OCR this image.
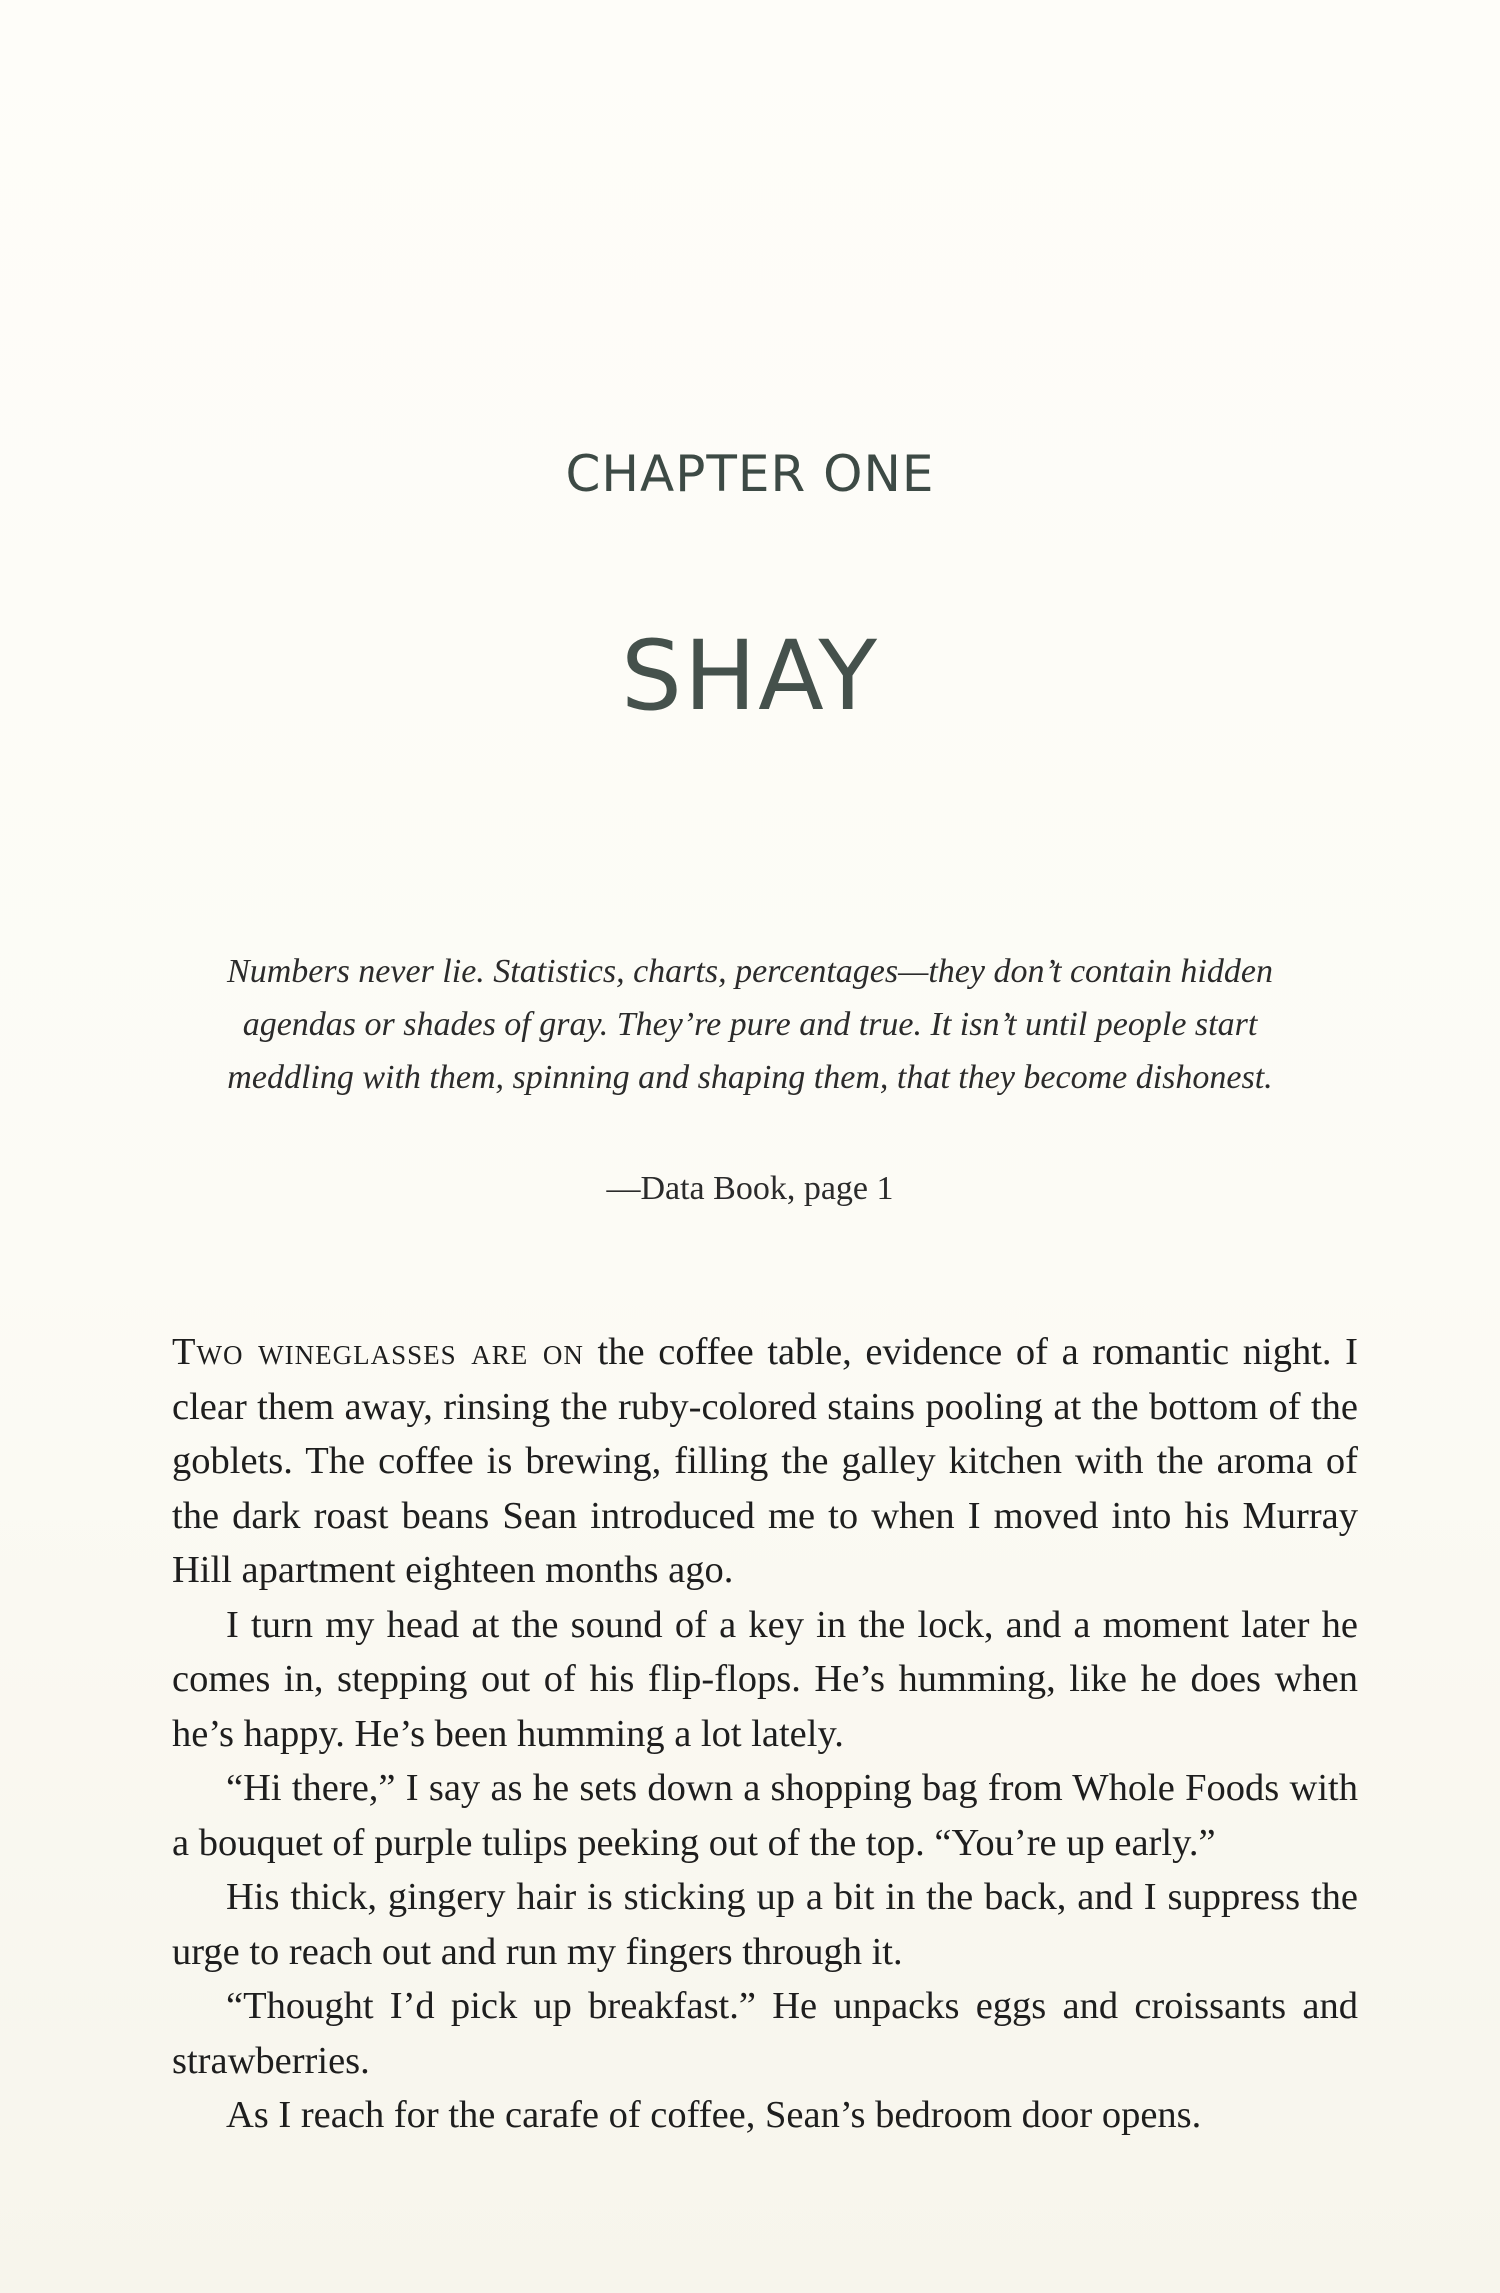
CHAPTER ONE
SHAY
Numbers never lie. Statistics, charts, percentages—they don’t contain hidden agendas or shades of gray. They’re pure and true. It isn’t until people start meddling with them, spinning and shaping them, that they become dishonest.
—Data Book, page 1

Two wineglasses are on the coffee table, evidence of a romantic night. I clear them away, rinsing the ruby-colored stains pooling at the bottom of the goblets. The coffee is brewing, filling the galley kitchen with the aroma of the dark roast beans Sean introduced me to when I moved into his Murray Hill apartment eighteen months ago.

I turn my head at the sound of a key in the lock, and a moment later he comes in, stepping out of his flip-flops. He’s humming, like he does when he’s happy. He’s been humming a lot lately.

“Hi there,” I say as he sets down a shopping bag from Whole Foods with a bouquet of purple tulips peeking out of the top. “You’re up early.”

His thick, gingery hair is sticking up a bit in the back, and I suppress the urge to reach out and run my fingers through it.

“Thought I’d pick up breakfast.” He unpacks eggs and croissants and strawberries.

As I reach for the carafe of coffee, Sean’s bedroom door opens.
